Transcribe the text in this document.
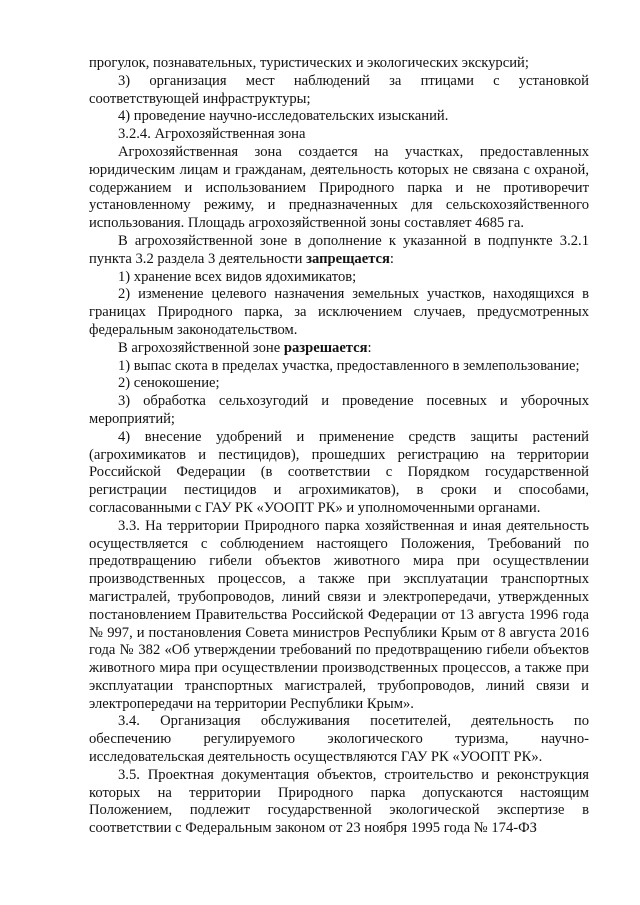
прогулок, познавательных, туристических и экологических экскурсий;

3) организация мест наблюдений за птицами с установкой соответствующей инфраструктуры;

4) проведение научно-исследовательских изысканий.

3.2.4. Агрохозяйственная зона

Агрохозяйственная зона создается на участках, предоставленных юридическим лицам и гражданам, деятельность которых не связана с охраной, содержанием и использованием Природного парка и не противоречит установленному режиму, и предназначенных для сельскохозяйственного использования. Площадь агрохозяйственной зоны составляет 4685 га.

В агрохозяйственной зоне в дополнение к указанной в подпункте 3.2.1 пункта 3.2 раздела 3 деятельности запрещается:

1) хранение всех видов ядохимикатов;

2) изменение целевого назначения земельных участков, находящихся в границах Природного парка, за исключением случаев, предусмотренных федеральным законодательством.

В агрохозяйственной зоне разрешается:

1) выпас скота в пределах участка, предоставленного в землепользование;

2) сенокошение;

3) обработка сельхозугодий и проведение посевных и уборочных мероприятий;

4) внесение удобрений и применение средств защиты растений (агрохимикатов и пестицидов), прошедших регистрацию на территории Российской Федерации (в соответствии с Порядком государственной регистрации пестицидов и агрохимикатов), в сроки и способами, согласованными с ГАУ РК «УООПТ РК» и уполномоченными органами.

3.3. На территории Природного парка хозяйственная и иная деятельность осуществляется с соблюдением настоящего Положения, Требований по предотвращению гибели объектов животного мира при осуществлении производственных процессов, а также при эксплуатации транспортных магистралей, трубопроводов, линий связи и электропередачи, утвержденных постановлением Правительства Российской Федерации от 13 августа 1996 года № 997, и постановления Совета министров Республики Крым от 8 августа 2016 года № 382 «Об утверждении требований по предотвращению гибели объектов животного мира при осуществлении производственных процессов, а также при эксплуатации транспортных магистралей, трубопроводов, линий связи и электропередачи на территории Республики Крым».

3.4. Организация обслуживания посетителей, деятельность по обеспечению регулируемого экологического туризма, научно-исследовательская деятельность осуществляются ГАУ РК «УООПТ РК».

3.5. Проектная документация объектов, строительство и реконструкция которых на территории Природного парка допускаются настоящим Положением, подлежит государственной экологической экспертизе в соответствии с Федеральным законом от 23 ноября 1995 года № 174-ФЗ
